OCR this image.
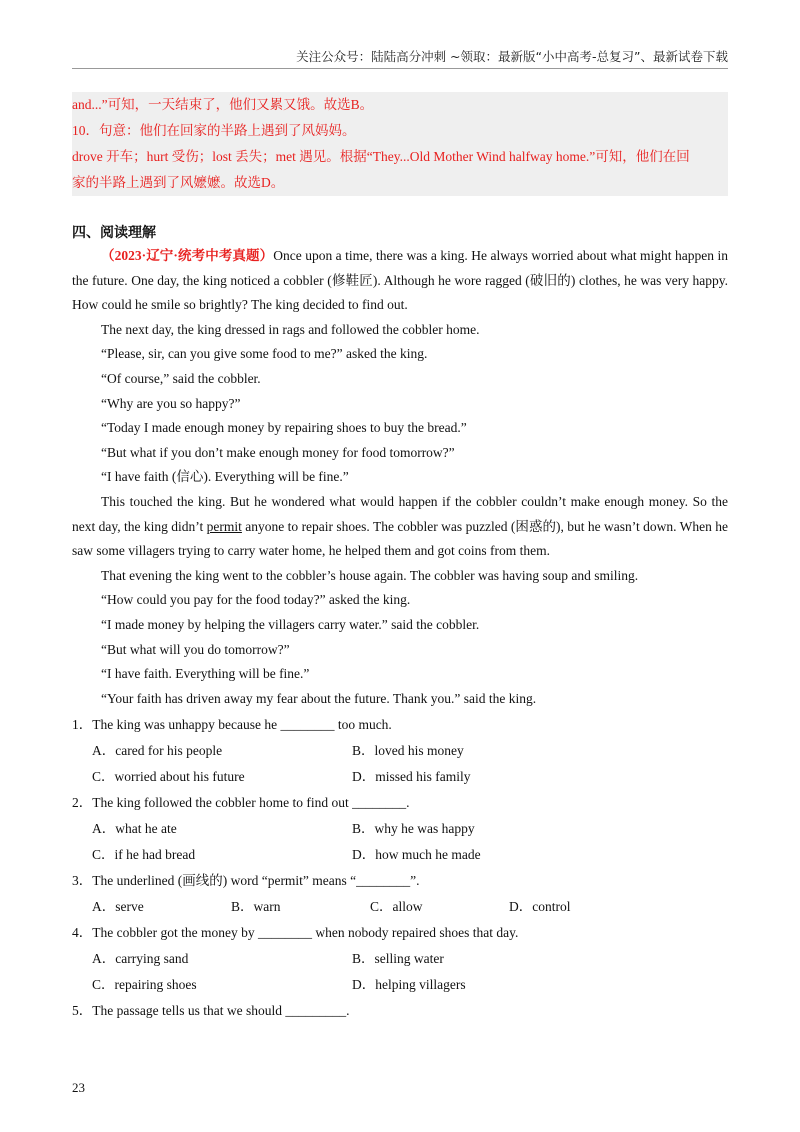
关注公众号：陆陆高分冲刺 ~领取：最新版“小中高考-总复习”、最新试卷下载
and...”可知，一天结束了，他们又累又饿。故选B。
10．句意：他们在回家的半路上遇到了风妈妈。
drove 开车；hurt 受伤；lost 丢失；met 遇见。根据“They...Old Mother Wind halfway home.”可知，他们在回
家的半路上遇到了风嬷嬷。故选D。
四、阅读理解

（2023·辽宁·统考中考真题）Once upon a time, there was a king. He always worried about what might happen in the future. One day, the king noticed a cobbler (修鞋匠). Although he wore ragged (破旧的) clothes, he was very happy. How could he smile so brightly? The king decided to find out.

The next day, the king dressed in rags and followed the cobbler home.

“Please, sir, can you give some food to me?” asked the king.

“Of course,” said the cobbler.

“Why are you so happy?”

“Today I made enough money by repairing shoes to buy the bread.”

“But what if you don’t make enough money for food tomorrow?”

“I have faith (信心). Everything will be fine.”

This touched the king. But he wondered what would happen if the cobbler couldn’t make enough money. So the next day, the king didn’t permit anyone to repair shoes. The cobbler was puzzled (困惑的), but he wasn’t down. When he saw some villagers trying to carry water home, he helped them and got coins from them.

That evening the king went to the cobbler’s house again. The cobbler was having soup and smiling.

“How could you pay for the food today?” asked the king.

“I made money by helping the villagers carry water.” said the cobbler.

“But what will you do tomorrow?”

“I have faith. Everything will be fine.”

“Your faith has driven away my fear about the future. Thank you.” said the king.

1．The king was unhappy because he ________ too much.
A．cared for his people	B．loved his money
C．worried about his future	D．missed his family
2．The king followed the cobbler home to find out ________.
A．what he ate	B．why he was happy
C．if he had bread	D．how much he made
3．The underlined (画线的) word “permit” means “________”.
A．serve	B．warn	C．allow	D．control
4．The cobbler got the money by ________ when nobody repaired shoes that day.
A．carrying sand	B．selling water
C．repairing shoes	D．helping villagers
5．The passage tells us that we should _________.
23
